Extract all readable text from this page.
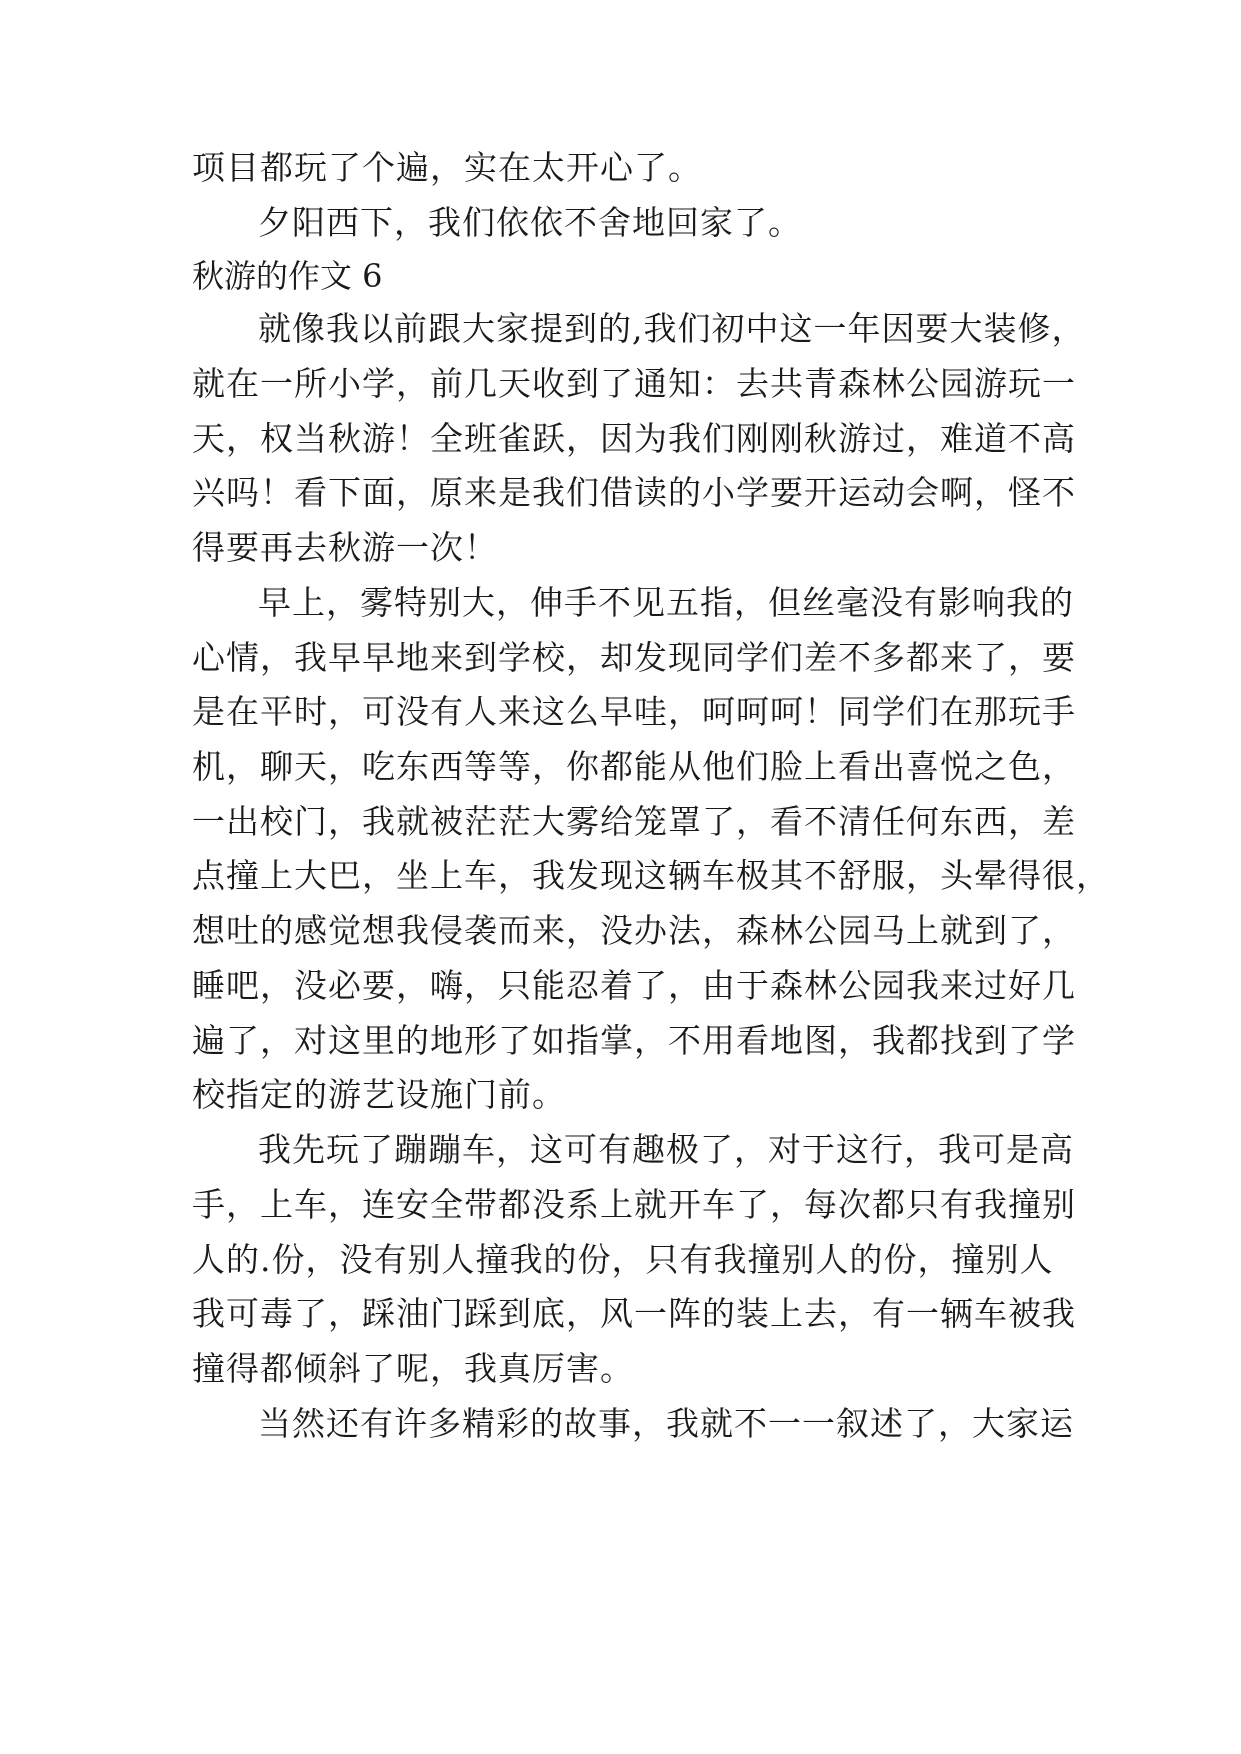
项目都玩了个遍，实在太开心了。
夕阳西下，我们依依不舍地回家了。
秋游的作文 6
就像我以前跟大家提到的,我们初中这一年因要大装修，
就在一所小学，前几天收到了通知：去共青森林公园游玩一
天，权当秋游！全班雀跃，因为我们刚刚秋游过，难道不高
兴吗！看下面，原来是我们借读的小学要开运动会啊，怪不
得要再去秋游一次！
早上，雾特别大，伸手不见五指，但丝毫没有影响我的
心情，我早早地来到学校，却发现同学们差不多都来了，要
是在平时，可没有人来这么早哇，呵呵呵！同学们在那玩手
机，聊天，吃东西等等，你都能从他们脸上看出喜悦之色，
一出校门，我就被茫茫大雾给笼罩了，看不清任何东西，差
点撞上大巴，坐上车，我发现这辆车极其不舒服，头晕得很，
想吐的感觉想我侵袭而来，没办法，森林公园马上就到了，
睡吧，没必要，嗨，只能忍着了，由于森林公园我来过好几
遍了，对这里的地形了如指掌，不用看地图，我都找到了学
校指定的游艺设施门前。
我先玩了蹦蹦车，这可有趣极了，对于这行，我可是高
手，上车，连安全带都没系上就开车了，每次都只有我撞别
人的.份，没有别人撞我的份，只有我撞别人的份，撞别人
我可毒了，踩油门踩到底，风一阵的装上去，有一辆车被我
撞得都倾斜了呢，我真厉害。
当然还有许多精彩的故事，我就不一一叙述了，大家运
